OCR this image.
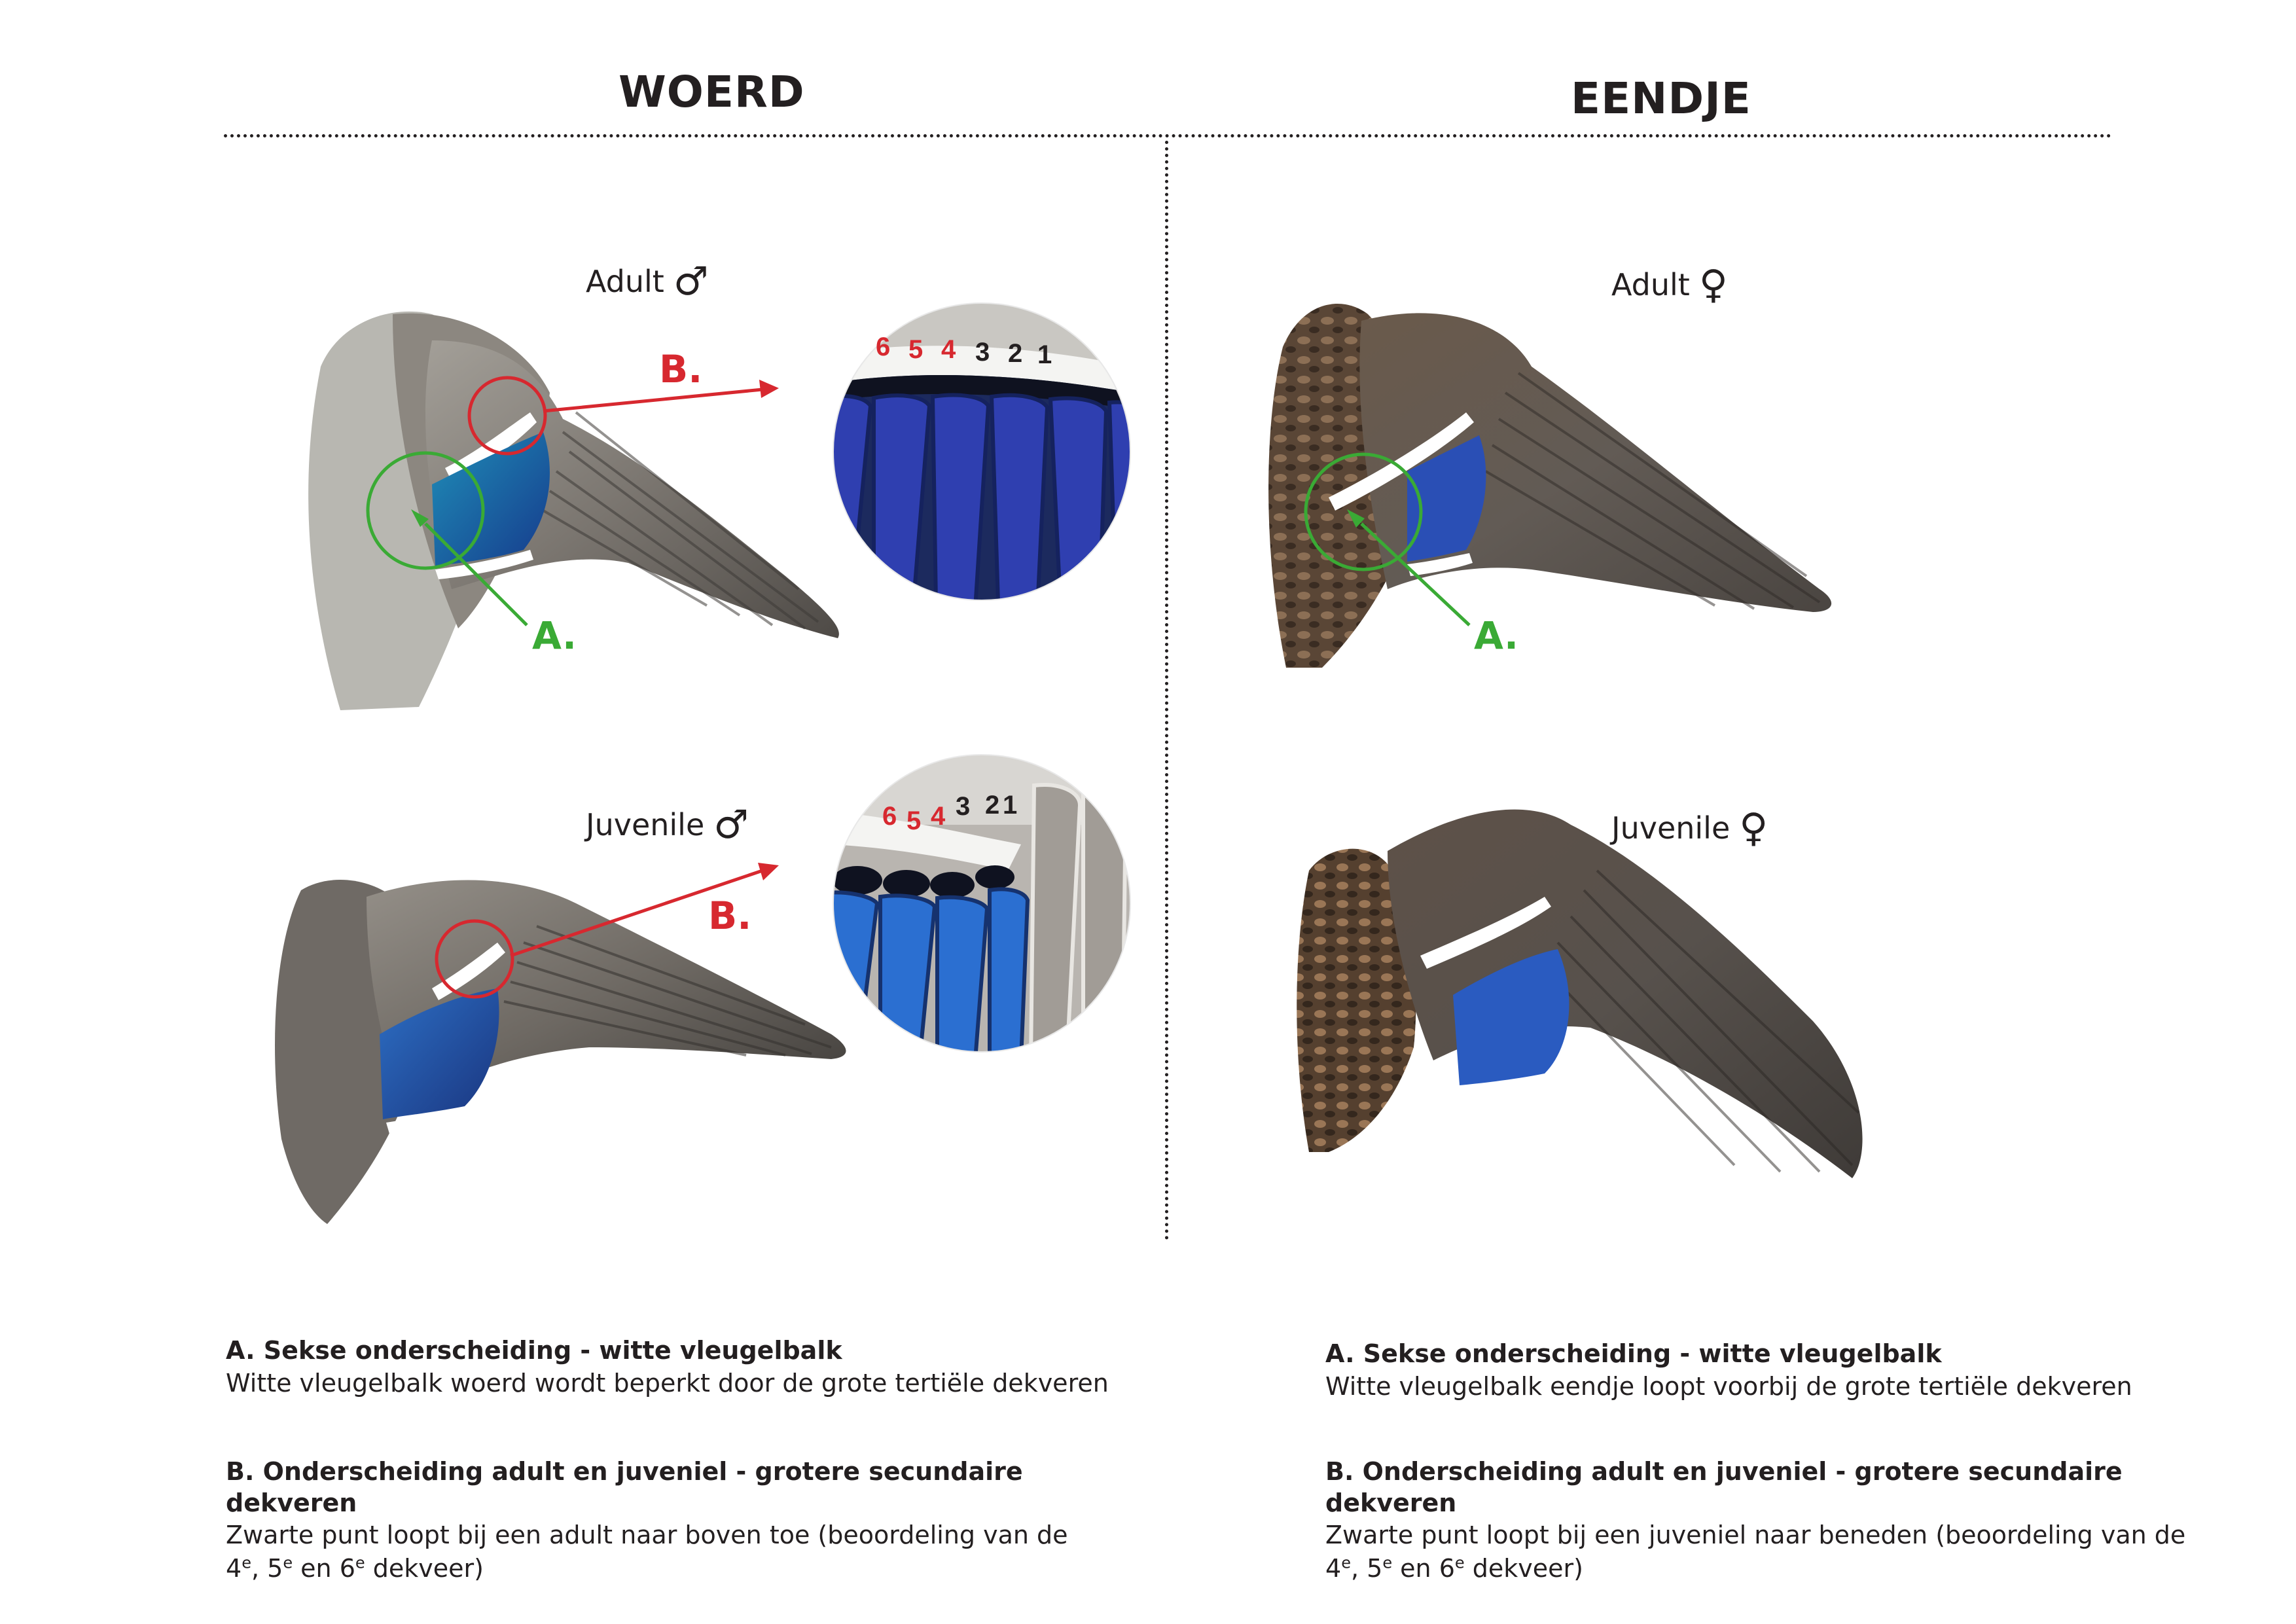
WOERD	EENDJE
Adult ♂
Juvenile ♂
Adult ♀
Juvenile ♀
6 5 4 3 2 1
6 5 4 3 2 1
B.
B.
A.	A.
A. Sekse onderscheiding - witte vleugelbalk
Witte vleugelbalk woerd wordt beperkt door de grote tertiële dekveren
B. Onderscheiding adult en juveniel - grotere secundaire dekveren
Zwarte punt loopt bij een adult naar boven toe (beoordeling van de
4e, 5e en 6e dekveer)
A. Sekse onderscheiding - witte vleugelbalk
Witte vleugelbalk eendje loopt voorbij de grote tertiële dekveren
B. Onderscheiding adult en juveniel - grotere secundaire dekveren
Zwarte punt loopt bij een juveniel naar beneden (beoordeling van de
4e, 5e en 6e dekveer)
